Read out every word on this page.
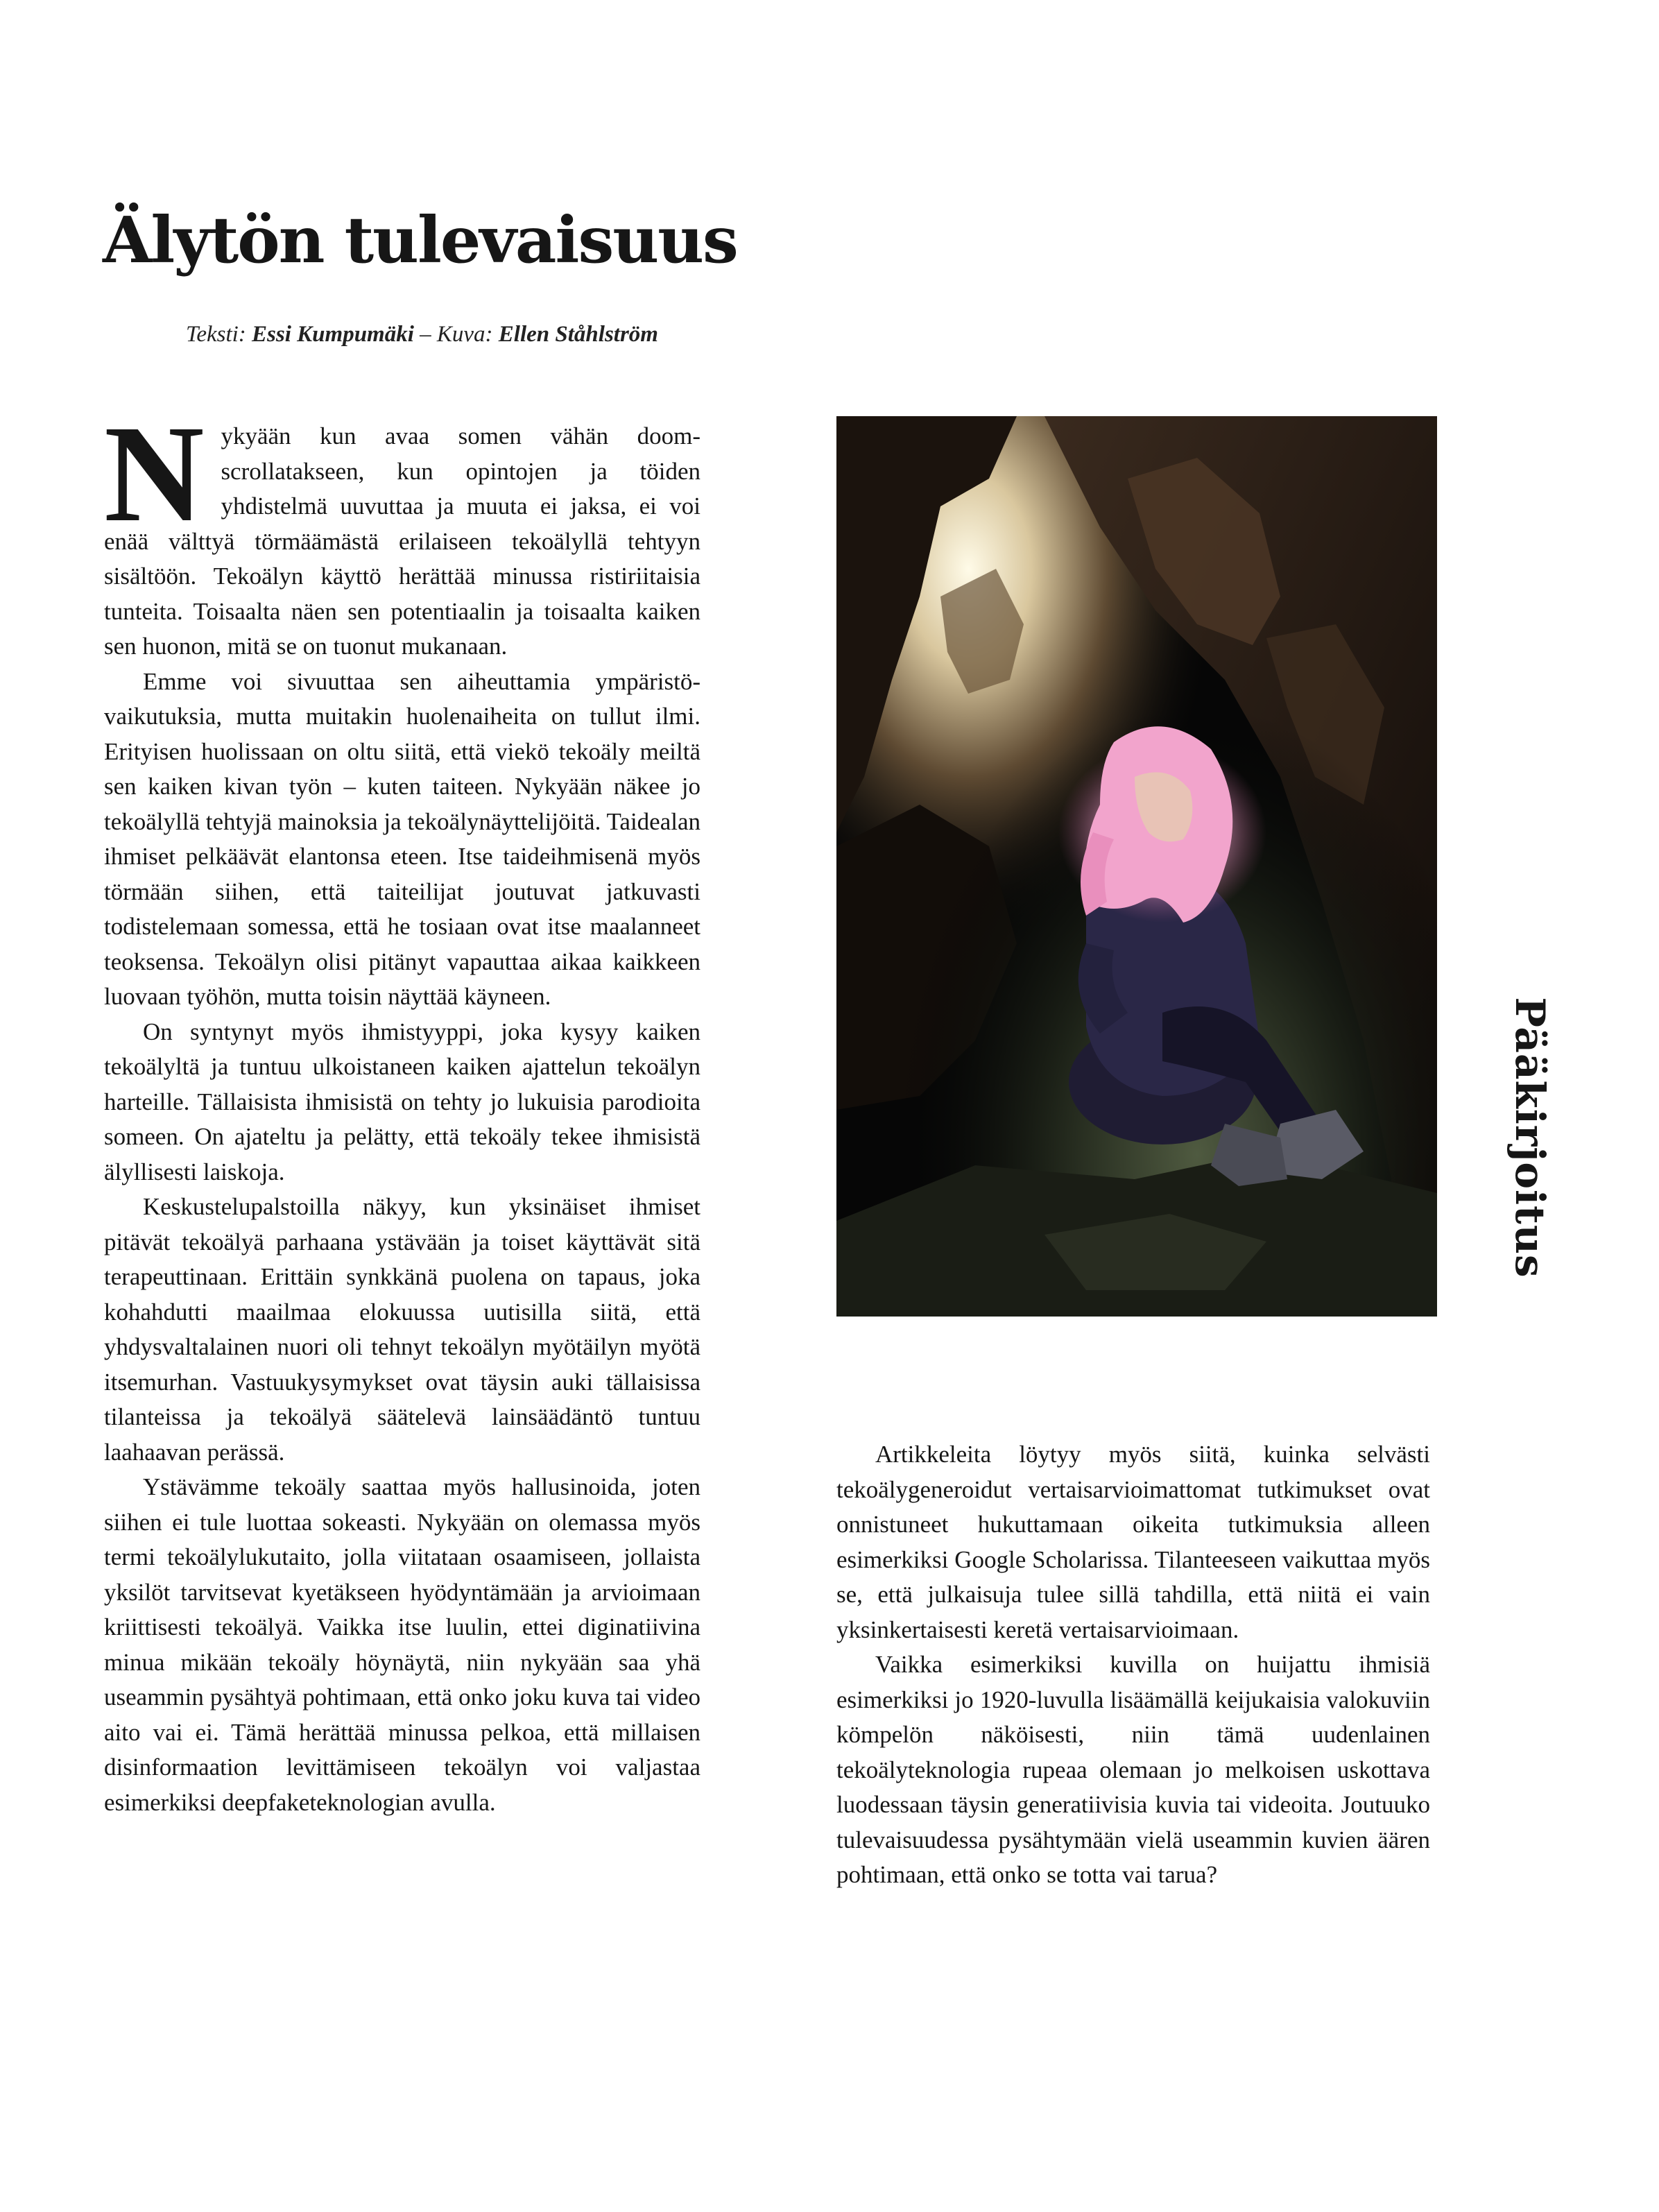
Älytön tulevaisuus

Teksti: Essi Kumpumäki – Kuva: Ellen Ståhlström

Nykyään kun avaa somen vähän doomscrollatakseen, kun opintojen ja töiden yhdistelmä uuvuttaa ja muuta ei jaksa, ei voi enää välttyä törmäämästä erilaiseen tekoälyllä tehtyyn sisältöön. Tekoälyn käyttö herättää minussa ristiriitaisia tunteita. Toisaalta näen sen potentiaalin ja toisaalta kaiken sen huonon, mitä se on tuonut mukanaan.

Emme voi sivuuttaa sen aiheuttamia ympäristövaikutuksia, mutta muitakin huolenaiheita on tullut ilmi. Erityisen huolissaan on oltu siitä, että viekö tekoäly meiltä sen kaiken kivan työn – kuten taiteen. Nykyään näkee jo tekoälyllä tehtyjä mainoksia ja tekoälynäyttelijöitä. Taidealan ihmiset pelkäävät elantonsa eteen. Itse taideihmisenä myös törmään siihen, että taiteilijat joutuvat jatkuvasti todistelemaan somessa, että he tosiaan ovat itse maalanneet teoksensa. Tekoälyn olisi pitänyt vapauttaa aikaa kaikkeen luovaan työhön, mutta toisin näyttää käyneen.

On syntynyt myös ihmistyyppi, joka kysyy kaiken tekoälyltä ja tuntuu ulkoistaneen kaiken ajattelun tekoälyn harteille. Tällaisista ihmisistä on tehty jo lukuisia parodioita someen. On ajateltu ja pelätty, että tekoäly tekee ihmisistä älyllisesti laiskoja.

Keskustelupalstoilla näkyy, kun yksinäiset ihmiset pitävät tekoälyä parhaana ystävään ja toiset käyttävät sitä terapeuttinaan. Erittäin synkkänä puolena on tapaus, joka kohahdutti maailmaa elokuussa uutisilla siitä, että yhdysvaltalainen nuori oli tehnyt tekoälyn myötäilyn myötä itsemurhan. Vastuukysymykset ovat täysin auki tällaisissa tilanteissa ja tekoälyä säätelevä lainsäädäntö tuntuu laahaavan perässä.

Ystävämme tekoäly saattaa myös hallusinoida, joten siihen ei tule luottaa sokeasti. Nykyään on olemassa myös termi tekoälylukutaito, jolla viitataan osaamiseen, jollaista yksilöt tarvitsevat kyetäkseen hyödyntämään ja arvioimaan kriittisesti tekoälyä. Vaikka itse luulin, ettei diginatiivina minua mikään tekoäly höynäytä, niin nykyään saa yhä useammin pysähtyä pohtimaan, että onko joku kuva tai video aito vai ei. Tämä herättää minussa pelkoa, että millaisen disinformaation levittämiseen tekoälyn voi valjastaa esimerkiksi deepfaketeknologian avulla.

Pääkirjoitus

Artikkeleita löytyy myös siitä, kuinka selvästi tekoälygeneroidut vertaisarvioimattomat tutkimukset ovat onnistuneet hukuttamaan oikeita tutkimuksia alleen esimerkiksi Google Scholarissa. Tilanteeseen vaikuttaa myös se, että julkaisuja tulee sillä tahdilla, että niitä ei vain yksinkertaisesti keretä vertaisarvioimaan.

Vaikka esimerkiksi kuvilla on huijattu ihmisiä esimerkiksi jo 1920-luvulla lisäämällä keijukaisia valokuviin kömpelön näköisesti, niin tämä uudenlainen tekoälyteknologia rupeaa olemaan jo melkoisen uskottava luodessaan täysin generatiivisia kuvia tai videoita. Joutuuko tulevaisuudessa pysähtymään vielä useammin kuvien äären pohtimaan, että onko se totta vai tarua?
